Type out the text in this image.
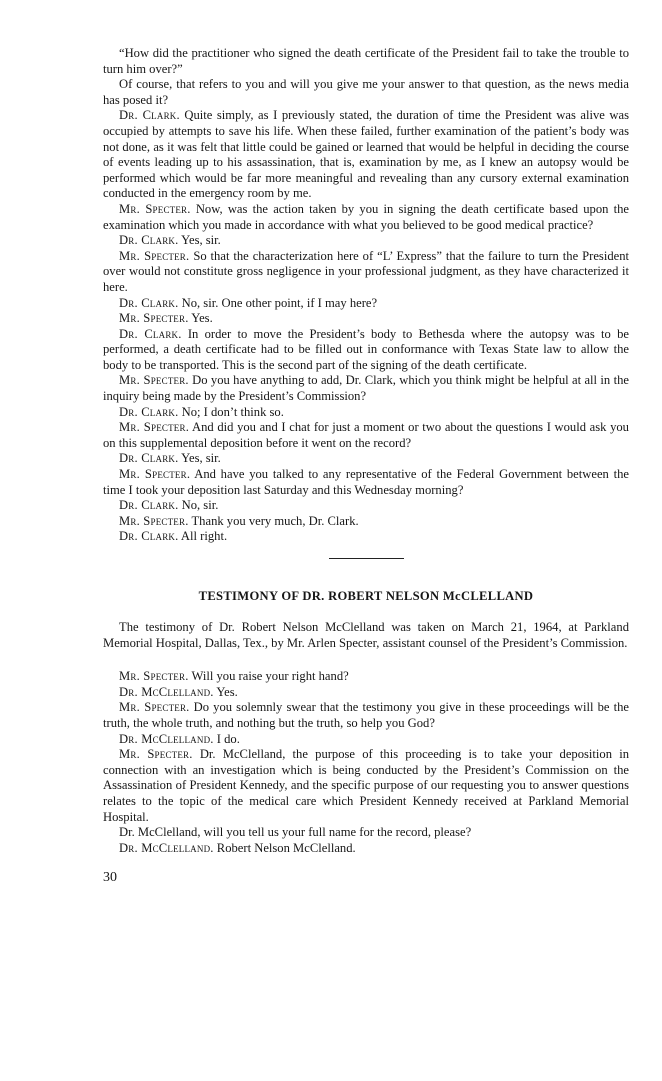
“How did the practitioner who signed the death certificate of the President fail to take the trouble to turn him over?”

Of course, that refers to you and will you give me your answer to that question, as the news media has posed it?

Dr. Clark. Quite simply, as I previously stated, the duration of time the President was alive was occupied by attempts to save his life. When these failed, further examination of the patient’s body was not done, as it was felt that little could be gained or learned that would be helpful in deciding the course of events leading up to his assassination, that is, examination by me, as I knew an autopsy would be performed which would be far more meaningful and revealing than any cursory external examination conducted in the emergency room by me.

Mr. Specter. Now, was the action taken by you in signing the death certificate based upon the examination which you made in accordance with what you believed to be good medical practice?

Dr. Clark. Yes, sir.

Mr. Specter. So that the characterization here of “L’ Express” that the failure to turn the President over would not constitute gross negligence in your professional judgment, as they have characterized it here.

Dr. Clark. No, sir. One other point, if I may here?

Mr. Specter. Yes.

Dr. Clark. In order to move the President’s body to Bethesda where the autopsy was to be performed, a death certificate had to be filled out in conformance with Texas State law to allow the body to be transported. This is the second part of the signing of the death certificate.

Mr. Specter. Do you have anything to add, Dr. Clark, which you think might be helpful at all in the inquiry being made by the President’s Commission?

Dr. Clark. No; I don’t think so.

Mr. Specter. And did you and I chat for just a moment or two about the questions I would ask you on this supplemental deposition before it went on the record?

Dr. Clark. Yes, sir.

Mr. Specter. And have you talked to any representative of the Federal Government between the time I took your deposition last Saturday and this Wednesday morning?

Dr. Clark. No, sir.

Mr. Specter. Thank you very much, Dr. Clark.

Dr. Clark. All right.

TESTIMONY OF DR. ROBERT NELSON McCLELLAND

The testimony of Dr. Robert Nelson McClelland was taken on March 21, 1964, at Parkland Memorial Hospital, Dallas, Tex., by Mr. Arlen Specter, assistant counsel of the President’s Commission.

Mr. Specter. Will you raise your right hand?

Dr. McClelland. Yes.

Mr. Specter. Do you solemnly swear that the testimony you give in these proceedings will be the truth, the whole truth, and nothing but the truth, so help you God?

Dr. McClelland. I do.

Mr. Specter. Dr. McClelland, the purpose of this proceeding is to take your deposition in connection with an investigation which is being conducted by the President’s Commission on the Assassination of President Kennedy, and the specific purpose of our requesting you to answer questions relates to the topic of the medical care which President Kennedy received at Parkland Memorial Hospital.

Dr. McClelland, will you tell us your full name for the record, please?

Dr. McClelland. Robert Nelson McClelland.

30
